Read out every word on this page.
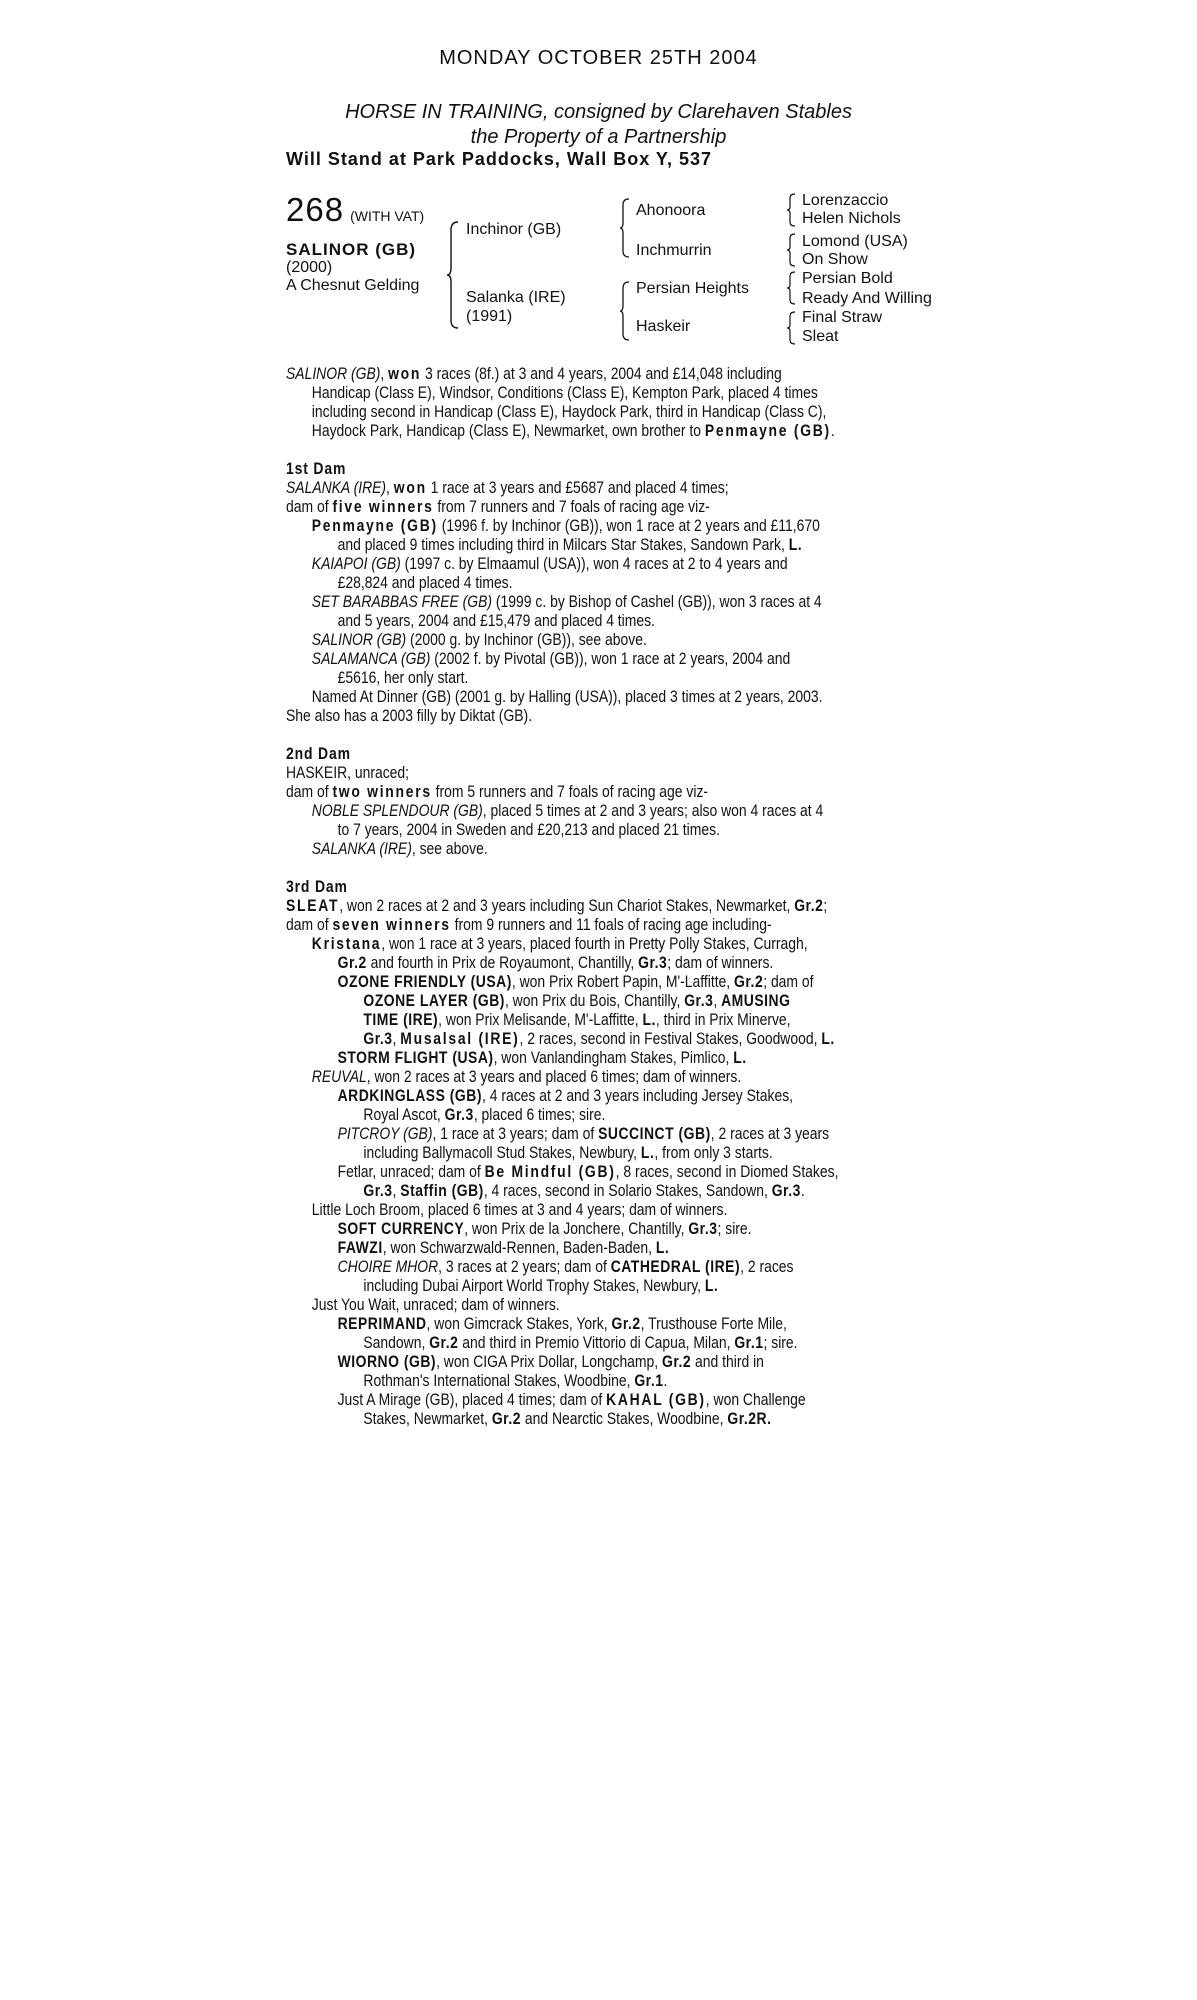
MONDAY OCTOBER 25TH 2004
HORSE IN TRAINING, consigned by Clarehaven Stables
the Property of a Partnership
Will Stand at Park Paddocks, Wall Box Y, 537
268 (WITH VAT)
SALINOR (GB)
(2000)
A Chesnut Gelding
Inchinor (GB)
Salanka (IRE)
(1991)
Ahonoora
Inchmurrin
Persian Heights
Haskeir
Lorenzaccio
Helen Nichols
Lomond (USA)
On Show
Persian Bold
Ready And Willing
Final Straw
Sleat
SALINOR (GB), won 3 races (8f.) at 3 and 4 years, 2004 and £14,048 including
Handicap (Class E), Windsor, Conditions (Class E), Kempton Park, placed 4 times
including second in Handicap (Class E), Haydock Park, third in Handicap (Class C),
Haydock Park, Handicap (Class E), Newmarket, own brother to Penmayne (GB).
1st Dam
SALANKA (IRE), won 1 race at 3 years and £5687 and placed 4 times;
dam of five winners from 7 runners and 7 foals of racing age viz-
Penmayne (GB) (1996 f. by Inchinor (GB)), won 1 race at 2 years and £11,670
and placed 9 times including third in Milcars Star Stakes, Sandown Park, L.
KAIAPOI (GB) (1997 c. by Elmaamul (USA)), won 4 races at 2 to 4 years and
£28,824 and placed 4 times.
SET BARABBAS FREE (GB) (1999 c. by Bishop of Cashel (GB)), won 3 races at 4
and 5 years, 2004 and £15,479 and placed 4 times.
SALINOR (GB) (2000 g. by Inchinor (GB)), see above.
SALAMANCA (GB) (2002 f. by Pivotal (GB)), won 1 race at 2 years, 2004 and
£5616, her only start.
Named At Dinner (GB) (2001 g. by Halling (USA)), placed 3 times at 2 years, 2003.
She also has a 2003 filly by Diktat (GB).
2nd Dam
HASKEIR, unraced;
dam of two winners from 5 runners and 7 foals of racing age viz-
NOBLE SPLENDOUR (GB), placed 5 times at 2 and 3 years; also won 4 races at 4
to 7 years, 2004 in Sweden and £20,213 and placed 21 times.
SALANKA (IRE), see above.
3rd Dam
SLEAT, won 2 races at 2 and 3 years including Sun Chariot Stakes, Newmarket, Gr.2;
dam of seven winners from 9 runners and 11 foals of racing age including-
Kristana, won 1 race at 3 years, placed fourth in Pretty Polly Stakes, Curragh,
Gr.2 and fourth in Prix de Royaumont, Chantilly, Gr.3; dam of winners.
OZONE FRIENDLY (USA), won Prix Robert Papin, M'-Laffitte, Gr.2; dam of
OZONE LAYER (GB), won Prix du Bois, Chantilly, Gr.3, AMUSING
TIME (IRE), won Prix Melisande, M'-Laffitte, L., third in Prix Minerve,
Gr.3, Musalsal (IRE), 2 races, second in Festival Stakes, Goodwood, L.
STORM FLIGHT (USA), won Vanlandingham Stakes, Pimlico, L.
REUVAL, won 2 races at 3 years and placed 6 times; dam of winners.
ARDKINGLASS (GB), 4 races at 2 and 3 years including Jersey Stakes,
Royal Ascot, Gr.3, placed 6 times; sire.
PITCROY (GB), 1 race at 3 years; dam of SUCCINCT (GB), 2 races at 3 years
including Ballymacoll Stud Stakes, Newbury, L., from only 3 starts.
Fetlar, unraced; dam of Be Mindful (GB), 8 races, second in Diomed Stakes,
Gr.3, Staffin (GB), 4 races, second in Solario Stakes, Sandown, Gr.3.
Little Loch Broom, placed 6 times at 3 and 4 years; dam of winners.
SOFT CURRENCY, won Prix de la Jonchere, Chantilly, Gr.3; sire.
FAWZI, won Schwarzwald-Rennen, Baden-Baden, L.
CHOIRE MHOR, 3 races at 2 years; dam of CATHEDRAL (IRE), 2 races
including Dubai Airport World Trophy Stakes, Newbury, L.
Just You Wait, unraced; dam of winners.
REPRIMAND, won Gimcrack Stakes, York, Gr.2, Trusthouse Forte Mile,
Sandown, Gr.2 and third in Premio Vittorio di Capua, Milan, Gr.1; sire.
WIORNO (GB), won CIGA Prix Dollar, Longchamp, Gr.2 and third in
Rothman's International Stakes, Woodbine, Gr.1.
Just A Mirage (GB), placed 4 times; dam of KAHAL (GB), won Challenge
Stakes, Newmarket, Gr.2 and Nearctic Stakes, Woodbine, Gr.2R.
